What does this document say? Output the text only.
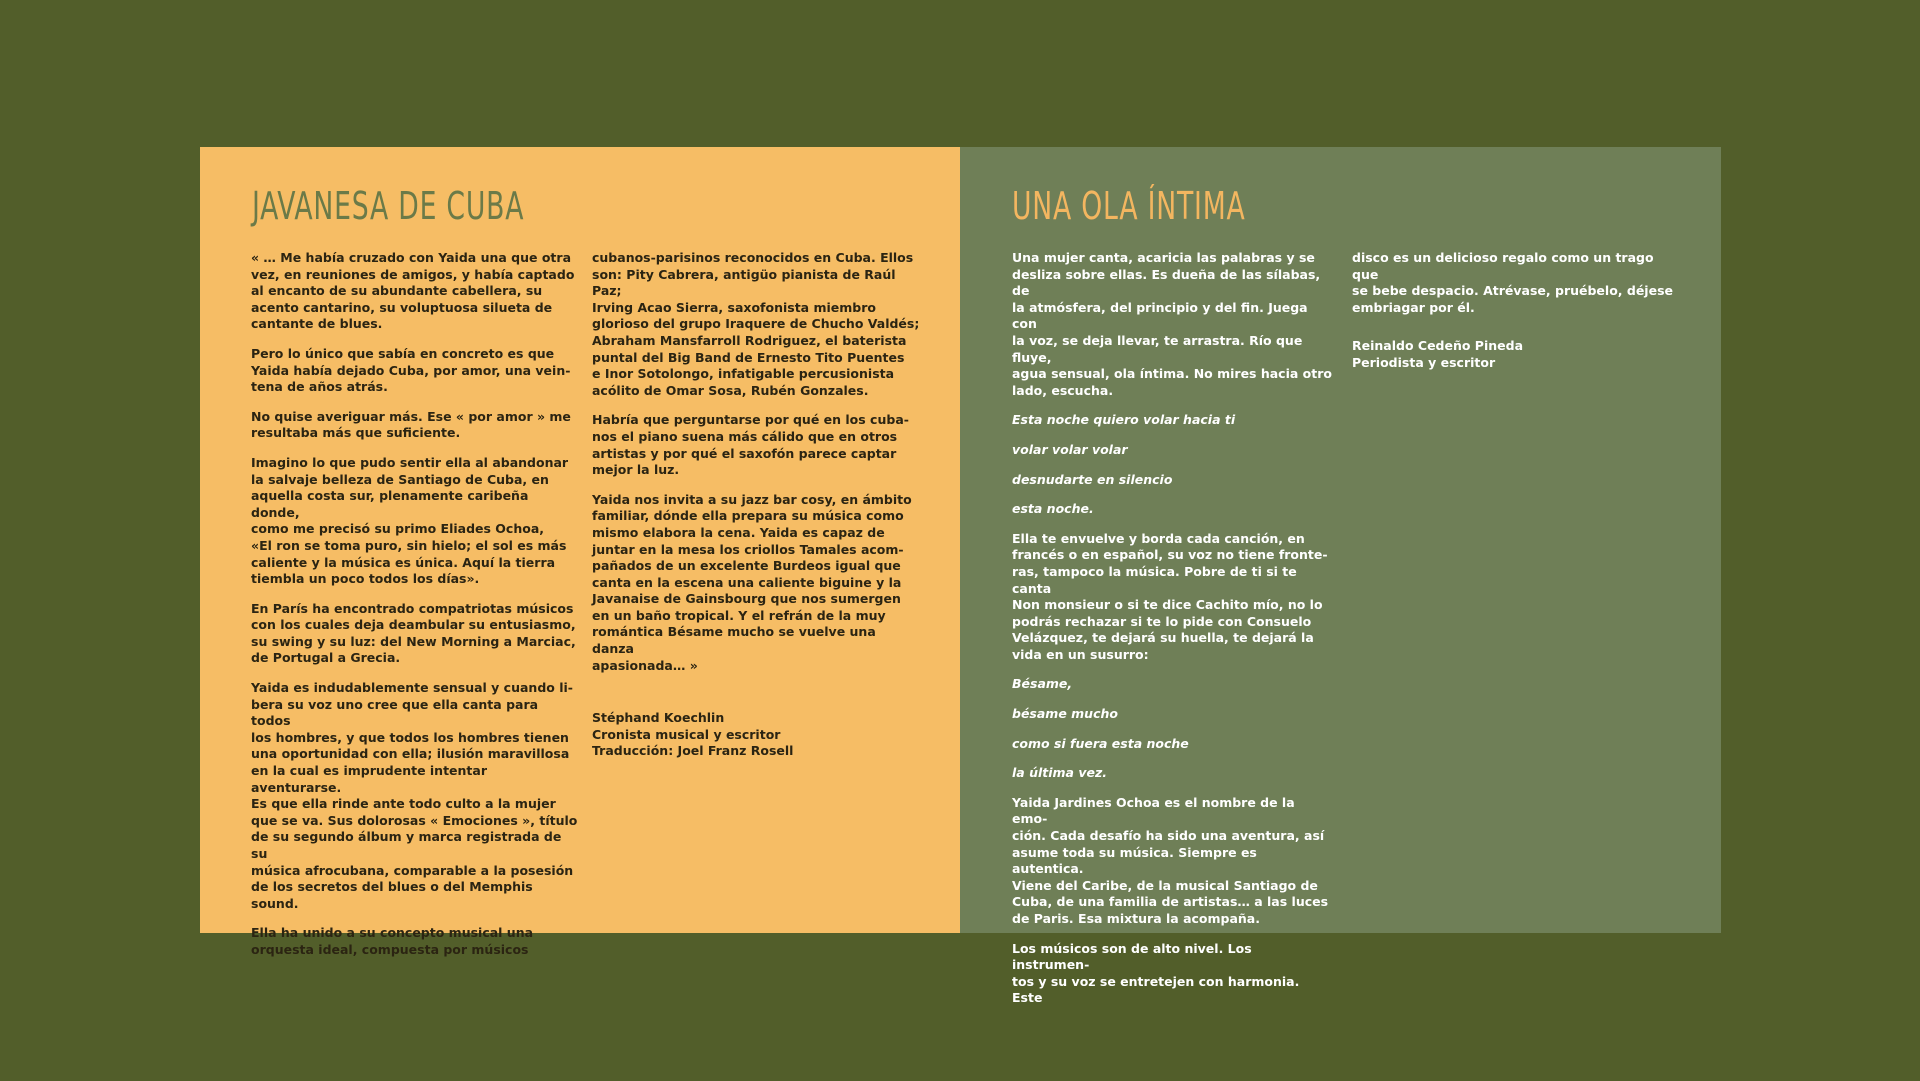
JAVANESA DE CUBA

« … Me había cruzado con Yaida una que otra
vez, en reuniones de amigos, y había captado
al encanto de su abundante cabellera, su
acento cantarino, su voluptuosa silueta de
cantante de blues.

Pero lo único que sabía en concreto es que
Yaida había dejado Cuba, por amor, una vein-
tena de años atrás.

No quise averiguar más. Ese « por amor » me
resultaba más que suficiente.

Imagino lo que pudo sentir ella al abandonar
la salvaje belleza de Santiago de Cuba, en
aquella costa sur, plenamente caribeña donde,
como me precisó su primo Eliades Ochoa,
«El ron se toma puro, sin hielo; el sol es más
caliente y la música es única. Aquí la tierra
tiembla un poco todos los días».

En París ha encontrado compatriotas músicos
con los cuales deja deambular su entusiasmo,
su swing y su luz: del New Morning a Marciac,
de Portugal a Grecia.

Yaida es indudablemente sensual y cuando li-
bera su voz uno cree que ella canta para todos
los hombres, y que todos los hombres tienen
una oportunidad con ella; ilusión maravillosa
en la cual es imprudente intentar aventurarse.
Es que ella rinde ante todo culto a la mujer
que se va. Sus dolorosas « Emociones », título
de su segundo álbum y marca registrada de su
música afrocubana, comparable a la posesión
de los secretos del blues o del Memphis sound.

Ella ha unido a su concepto musical una
orquesta ideal, compuesta por músicos

cubanos-parisinos reconocidos en Cuba. Ellos
son: Pity Cabrera, antigüo pianista de Raúl
Paz;
Irving Acao Sierra, saxofonista miembro
glorioso del grupo Iraquere de Chucho Valdés;
Abraham Mansfarroll Rodriguez, el baterista
puntal del Big Band de Ernesto Tito Puentes
e Inor Sotolongo, infatigable percusionista
acólito de Omar Sosa, Rubén Gonzales.

Habría que perguntarse por qué en los cuba-
nos el piano suena más cálido que en otros
artistas y por qué el saxofón parece captar
mejor la luz.

Yaida nos invita a su jazz bar cosy, en ámbito
familiar, dónde ella prepara su música como
mismo elabora la cena. Yaida es capaz de
juntar en la mesa los criollos Tamales acom-
pañados de un excelente Burdeos igual que
canta en la escena una caliente biguine y la
Javanaise de Gainsbourg que nos sumergen
en un baño tropical. Y el refrán de la muy
romántica Bésame mucho se vuelve una danza
apasionada… »

Stéphand Koechlin
Cronista musical y escritor
Traducción: Joel Franz Rosell
UNA OLA ÍNTIMA

Una mujer canta, acaricia las palabras y se
desliza sobre ellas. Es dueña de las sílabas, de
la atmósfera, del principio y del fin. Juega con
la voz, se deja llevar, te arrastra. Río que fluye,
agua sensual, ola íntima. No mires hacia otro
lado, escucha.

Esta noche quiero volar hacia ti

volar volar volar

desnudarte en silencio

esta noche.

Ella te envuelve y borda cada canción, en
francés o en español, su voz no tiene fronte-
ras, tampoco la música. Pobre de ti si te canta
Non monsieur o si te dice Cachito mío, no lo
podrás rechazar si te lo pide con Consuelo
Velázquez, te dejará su huella, te dejará la
vida en un susurro:

Bésame,

bésame mucho

como si fuera esta noche

la última vez.

Yaida Jardines Ochoa es el nombre de la emo-
ción. Cada desafío ha sido una aventura, así
asume toda su música. Siempre es autentica.
Viene del Caribe, de la musical Santiago de
Cuba, de una familia de artistas… a las luces
de Paris. Esa mixtura la acompaña.

Los músicos son de alto nivel. Los instrumen-
tos y su voz se entretejen con harmonia. Este

disco es un delicioso regalo como un trago que
se bebe despacio. Atrévase, pruébelo, déjese
embriagar por él.

Reinaldo Cedeño Pineda
Periodista y escritor
